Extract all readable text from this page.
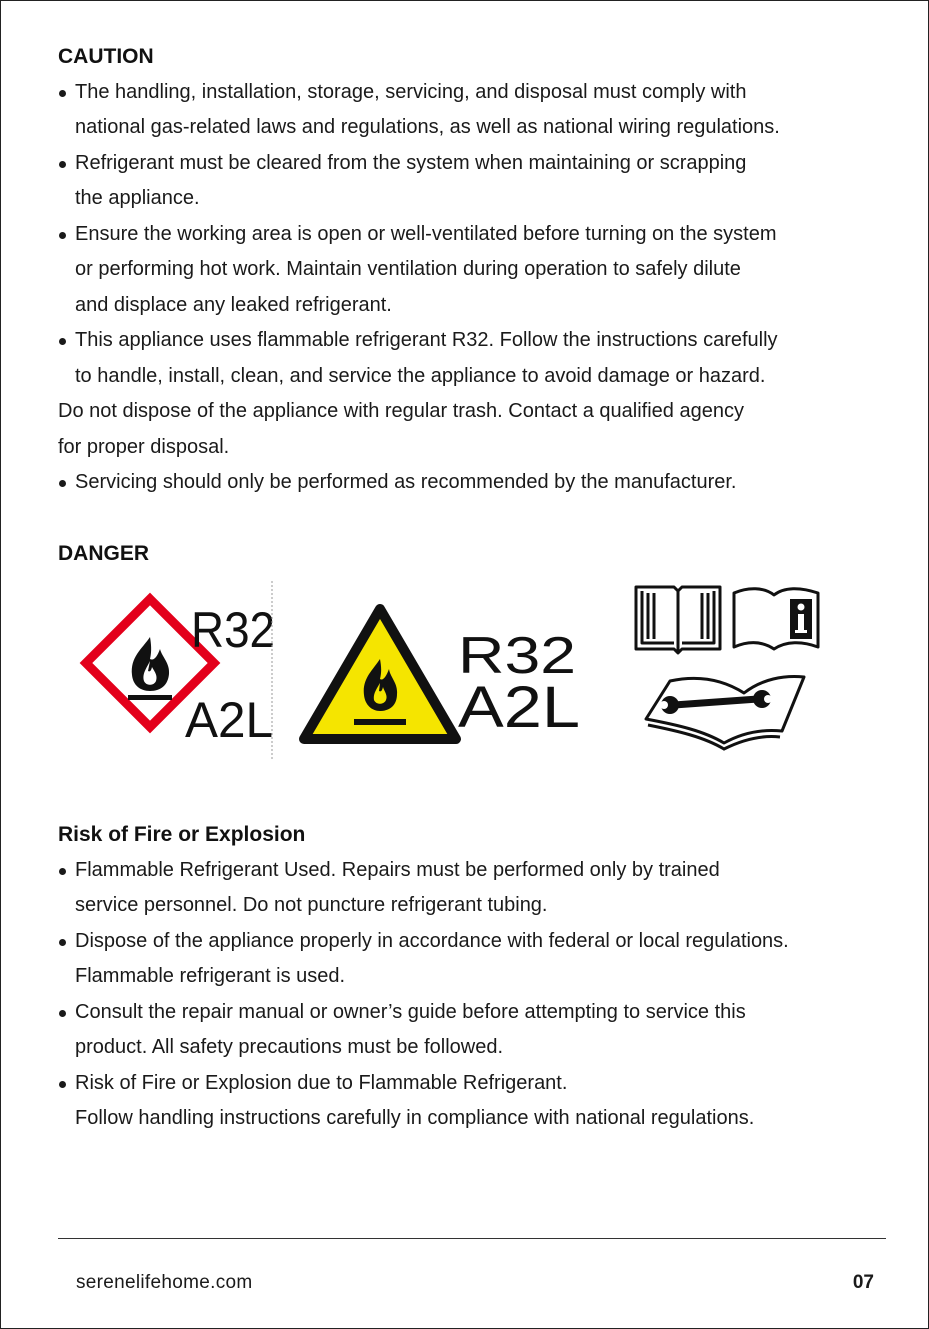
CAUTION

The handling, installation, storage, servicing, and disposal must comply with

national gas-related laws and regulations, as well as national wiring regulations.

Refrigerant must be cleared from the system when maintaining or scrapping

the appliance.

Ensure the working area is open or well-ventilated before turning on the system

or performing hot work. Maintain ventilation during operation to safely dilute

and displace any leaked refrigerant.

This appliance uses flammable refrigerant R32. Follow the instructions carefully

to handle, install, clean, and service the appliance to avoid damage or hazard.

Do not dispose of the appliance with regular trash. Contact a qualified agency

for proper disposal.

Servicing should only be performed as recommended by the manufacturer.

DANGER

R32
A2L
R32
A2L

Risk of Fire or Explosion

Flammable Refrigerant Used. Repairs must be performed only by trained

service personnel. Do not puncture refrigerant tubing.

Dispose of the appliance properly in accordance with federal or local regulations.

Flammable refrigerant is used.

Consult the repair manual or owner’s guide before attempting to service this

product. All safety precautions must be followed.

Risk of Fire or Explosion due to Flammable Refrigerant.

Follow handling instructions carefully in compliance with national regulations.

serenelifehome.com	07
